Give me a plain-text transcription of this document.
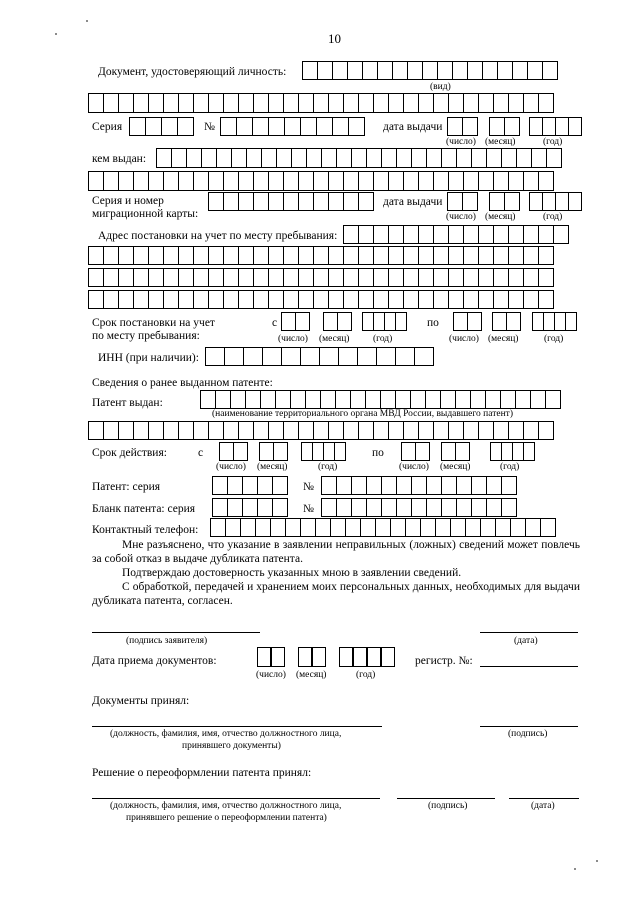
10
Документ, удостоверяющий личность:
(вид)
Серия	№	дата выдачи
(число) (месяц)	(год)
кем выдан:
Серия и номер
миграционной карты:
дата выдачи
(число) (месяц)	(год)
Адрес постановки на учет по месту пребывания:
Срок постановки на учет
по месту пребывания:
с	по
(число) (месяц) (год)	(число) (месяц)	(год)
ИНН (при наличии):
Сведения о ранее выданном патенте:
Патент выдан:
(наименование территориального органа МВД России, выдавшего патент)
Срок действия:	с	по
(число) (месяц)	(год)	(число) (месяц)	(год)
Патент: серия	№
Бланк патента: серия	№
Контактный телефон:
Мне разъяснено, что указание в заявлении неправильных (ложных) сведений может повлечь за собой отказ в выдаче дубликата патента.
Подтверждаю достоверность указанных мною в заявлении сведений.
С обработкой, передачей и хранением моих персональных данных, необходимых для выдачи дубликата патента, согласен.
(подпись заявителя)	(дата)
Дата приема документов:
(число) (месяц)	(год)
регистр. №:
Документы принял:
(должность, фамилия, имя, отчество должностного лица,
принявшего документы)
(подпись)
Решение о переоформлении патента принял:
(должность, фамилия, имя, отчество должностного лица,
принявшего решение о переоформлении патента)
(подпись)	(дата)
